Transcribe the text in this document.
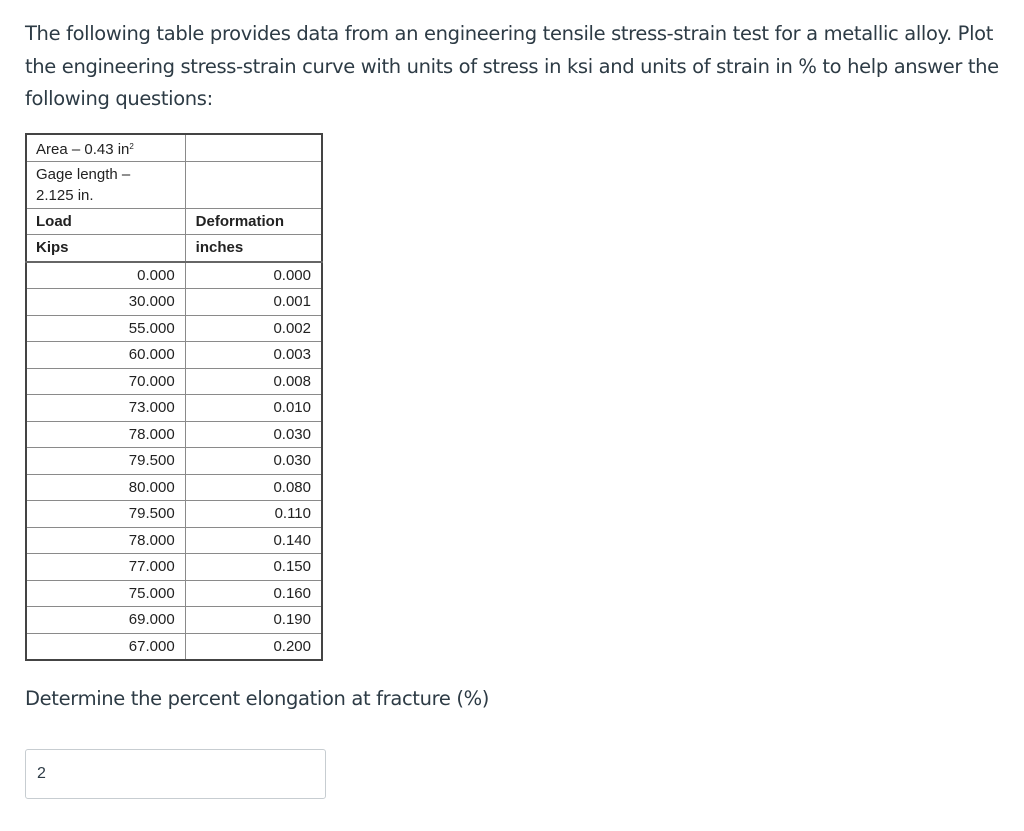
The following table provides data from an engineering tensile stress-strain test for a metallic alloy. Plot the engineering stress-strain curve with units of stress in ksi and units of strain in % to help answer the following questions:

Area – 0.43 $in^2$	
Gage length –
2.125 in.	
Load	Deformation
Kips	inches
0.000	0.000
30.000	0.001
55.000	0.002
60.000	0.003
70.000	0.008
73.000	0.010
78.000	0.030
79.500	0.030
80.000	0.080
79.500	0.110
78.000	0.140
77.000	0.150
75.000	0.160
69.000	0.190
67.000	0.200

Determine the percent elongation at fracture (%)

2
